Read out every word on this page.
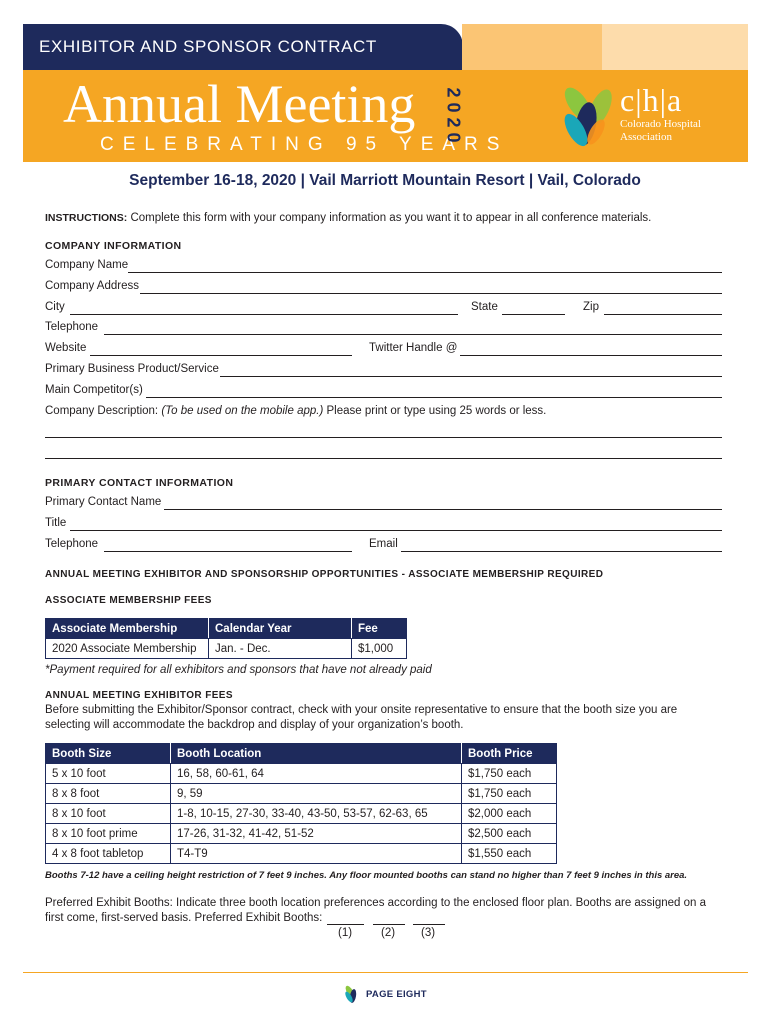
EXHIBITOR AND SPONSOR CONTRACT
Annual Meeting
CELEBRATING 95 YEARS
2020	c|h|a
Colorado Hospital
Association
September 16-18, 2020 | Vail Marriott Mountain Resort | Vail, Colorado
INSTRUCTIONS: Complete this form with your company information as you want it to appear in all conference materials.
COMPANY INFORMATION
Company Name
Company Address
City	State	Zip
Telephone
Website	Twitter Handle @
Primary Business Product/Service
Main Competitor(s)
Company Description: (To be used on the mobile app.) Please print or type using 25 words or less.
PRIMARY CONTACT INFORMATION
Primary Contact Name
Title
Telephone	Email
ANNUAL MEETING EXHIBITOR AND SPONSORSHIP OPPORTUNITIES - ASSOCIATE MEMBERSHIP REQUIRED
ASSOCIATE MEMBERSHIP FEES
Associate Membership	Calendar Year	Fee
2020 Associate Membership	Jan. - Dec.	$1,000
*Payment required for all exhibitors and sponsors that have not already paid
ANNUAL MEETING EXHIBITOR FEES
Before submitting the Exhibitor/Sponsor contract, check with your onsite representative to ensure that the booth size you are
selecting will accommodate the backdrop and display of your organization’s booth.
Booth Size	Booth Location	Booth Price
5 x 10 foot	16, 58, 60-61, 64	$1,750 each
8 x 8 foot	9, 59	$1,750 each
8 x 10 foot	1-8, 10-15, 27-30, 33-40, 43-50, 53-57, 62-63, 65	$2,000 each
8 x 10 foot prime	17-26, 31-32, 41-42, 51-52	$2,500 each
4 x 8 foot tabletop	T4-T9	$1,550 each
Booths 7-12 have a ceiling height restriction of 7 feet 9 inches. Any floor mounted booths can stand no higher than 7 feet 9 inches in this area.
Preferred Exhibit Booths: Indicate three booth location preferences according to the enclosed floor plan. Booths are assigned on a
first come, first-served basis. Preferred Exhibit Booths:
(1)	(2) (3)
PAGE EIGHT
